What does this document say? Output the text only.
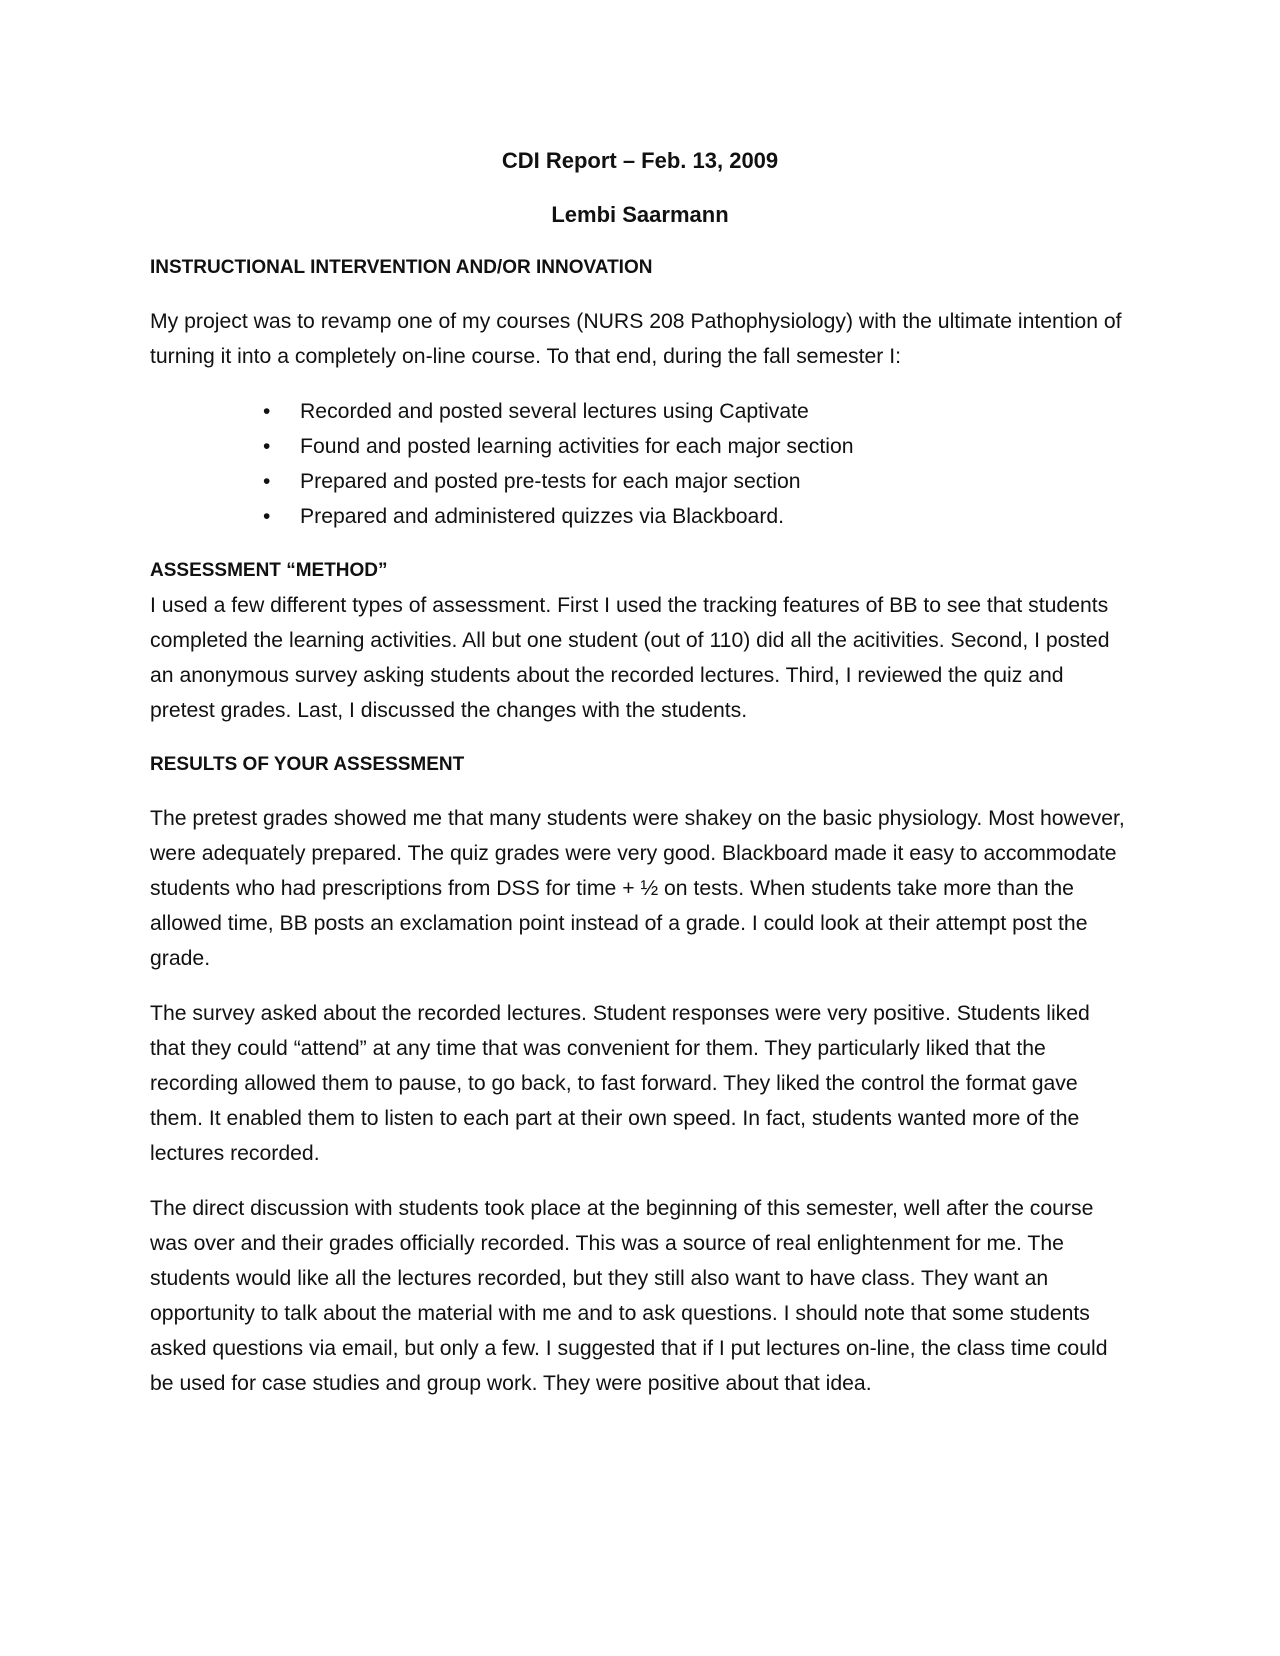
CDI Report – Feb. 13, 2009

Lembi Saarmann

INSTRUCTIONAL INTERVENTION AND/OR INNOVATION

My project was to revamp one of my courses (NURS 208 Pathophysiology) with the ultimate intention of turning it into a completely on-line course. To that end, during the fall semester I:

• Recorded and posted several lectures using Captivate
• Found and posted learning activities for each major section
• Prepared and posted pre-tests for each major section
• Prepared and administered quizzes via Blackboard.

ASSESSMENT “METHOD”

I used a few different types of assessment. First I used the tracking features of BB to see that students completed the learning activities. All but one student (out of 110) did all the acitivities. Second, I posted an anonymous survey asking students about the recorded lectures. Third, I reviewed the quiz and pretest grades. Last, I discussed the changes with the students.

RESULTS OF YOUR ASSESSMENT

The pretest grades showed me that many students were shakey on the basic physiology. Most however, were adequately prepared. The quiz grades were very good. Blackboard made it easy to accommodate students who had prescriptions from DSS for time + ½ on tests. When students take more than the allowed time, BB posts an exclamation point instead of a grade. I could look at their attempt post the grade.

The survey asked about the recorded lectures. Student responses were very positive. Students liked that they could “attend” at any time that was convenient for them. They particularly liked that the recording allowed them to pause, to go back, to fast forward. They liked the control the format gave them. It enabled them to listen to each part at their own speed. In fact, students wanted more of the lectures recorded.

The direct discussion with students took place at the beginning of this semester, well after the course was over and their grades officially recorded. This was a source of real enlightenment for me. The students would like all the lectures recorded, but they still also want to have class. They want an opportunity to talk about the material with me and to ask questions. I should note that some students asked questions via email, but only a few. I suggested that if I put lectures on-line, the class time could be used for case studies and group work. They were positive about that idea.
